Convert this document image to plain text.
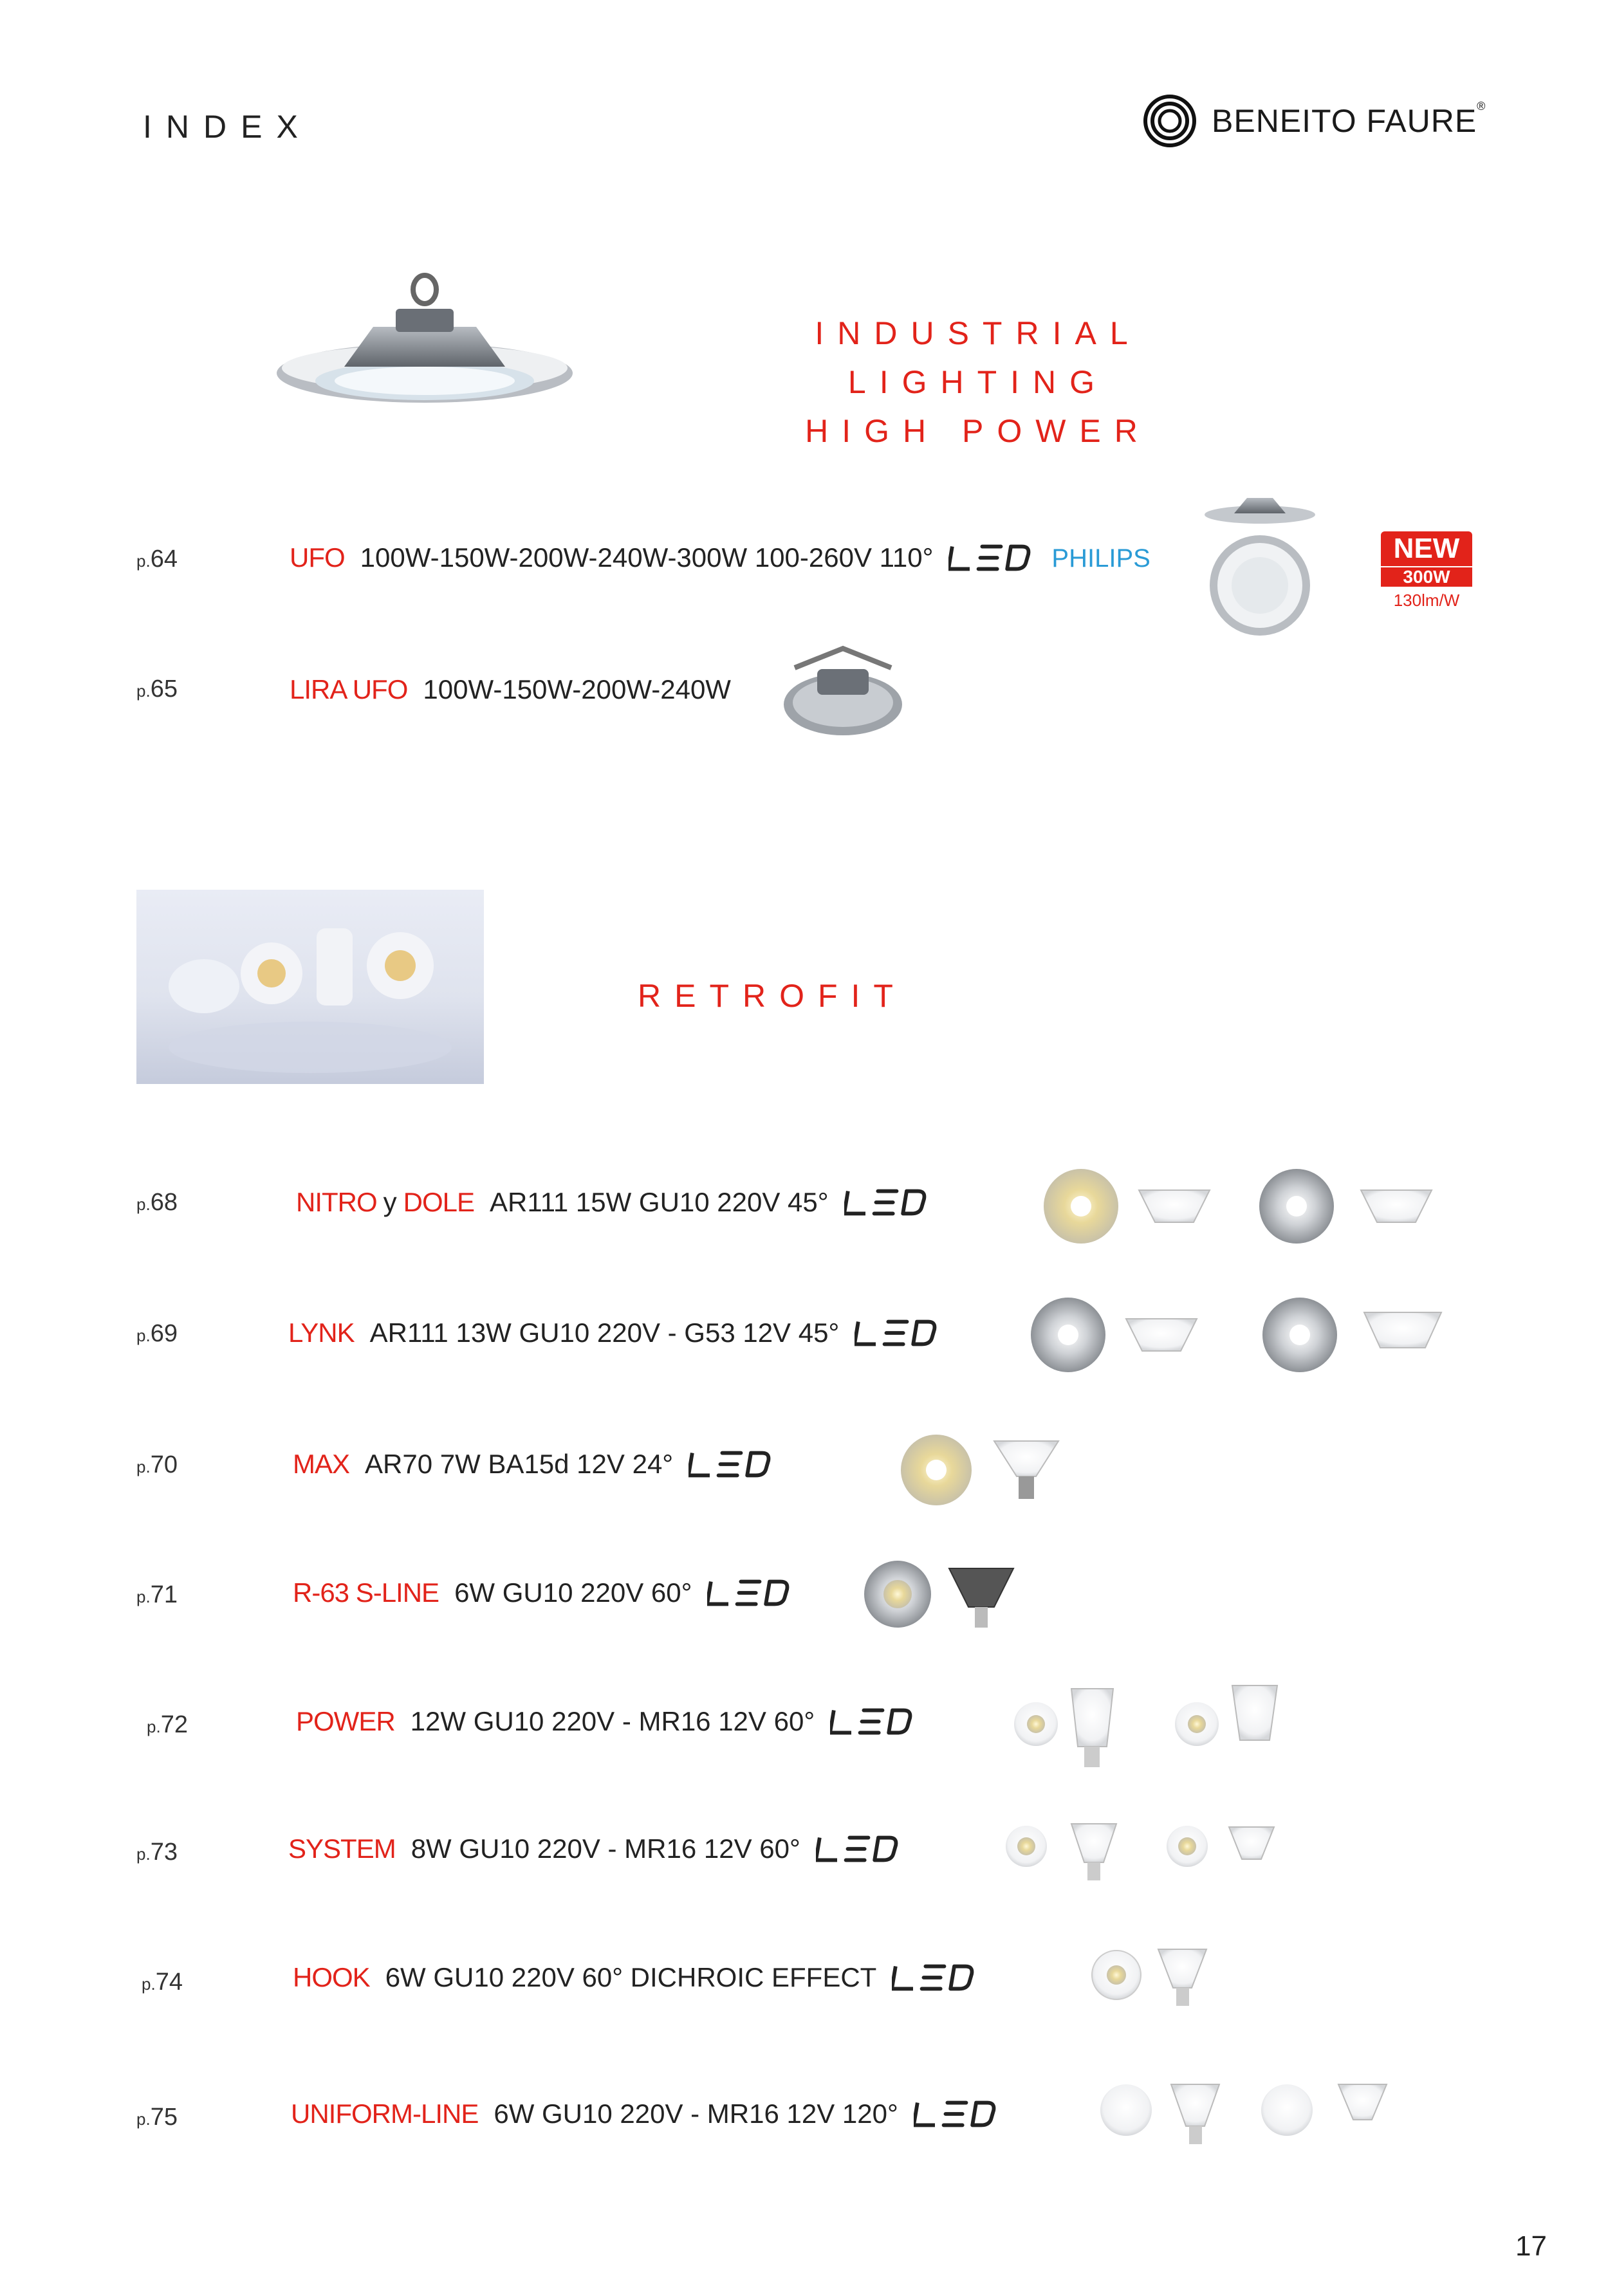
INDEX	BENEITO FAURE®
INDUSTRIAL LIGHTING
HIGH POWER
p.64	UFO 100W-150W-200W-240W-300W 100-260V 110°	PHILIPS	NEW
300W
130lm/W
p.65	LIRA UFO 100W-150W-200W-240W
RETROFIT
p.68	NITRO y DOLE AR111 15W GU10 220V 45°
p.69	LYNK AR111 13W GU10 220V - G53 12V 45°
p.70	MAX AR70 7W BA15d 12V 24°
p.71	R-63 S-LINE 6W GU10 220V 60°
p.72	POWER 12W GU10 220V - MR16 12V 60°
p.73	SYSTEM 8W GU10 220V - MR16 12V 60°
p.74	HOOK 6W GU10 220V 60° DICHROIC EFFECT
p.75	UNIFORM-LINE 6W GU10 220V - MR16 12V 120°
17
